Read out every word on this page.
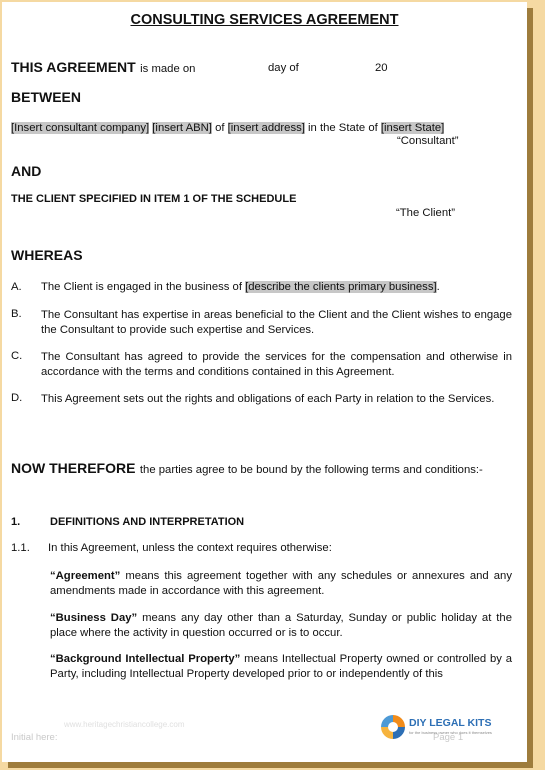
CONSULTING SERVICES AGREEMENT
THIS AGREEMENT is made on	day of	20
BETWEEN
[Insert consultant company] [insert ABN] of [insert address] in the State of [insert State]
“Consultant”
AND
THE CLIENT SPECIFIED IN ITEM 1 OF THE SCHEDULE
“The Client”
WHEREAS
A. The Client is engaged in the business of [describe the clients primary business].
B. The Consultant has expertise in areas beneficial to the Client and the Client wishes to engage the Consultant to provide such expertise and Services.
C. The Consultant has agreed to provide the services for the compensation and otherwise in accordance with the terms and conditions contained in this Agreement.
D. This Agreement sets out the rights and obligations of each Party in relation to the Services.
NOW THEREFORE the parties agree to be bound by the following terms and conditions:-
1.	DEFINITIONS AND INTERPRETATION
1.1. In this Agreement, unless the context requires otherwise:
“Agreement” means this agreement together with any schedules or annexures and any amendments made in accordance with this agreement.
“Business Day” means any day other than a Saturday, Sunday or public holiday at the place where the activity in question occurred or is to occur.
“Background Intellectual Property” means Intellectual Property owned or controlled by a Party, including Intellectual Property developed prior to or independently of this
www.heritagechristiancollege.com
Initial here:	Page 1
DIY LEGAL KITS
for the business owner who does it themselves
